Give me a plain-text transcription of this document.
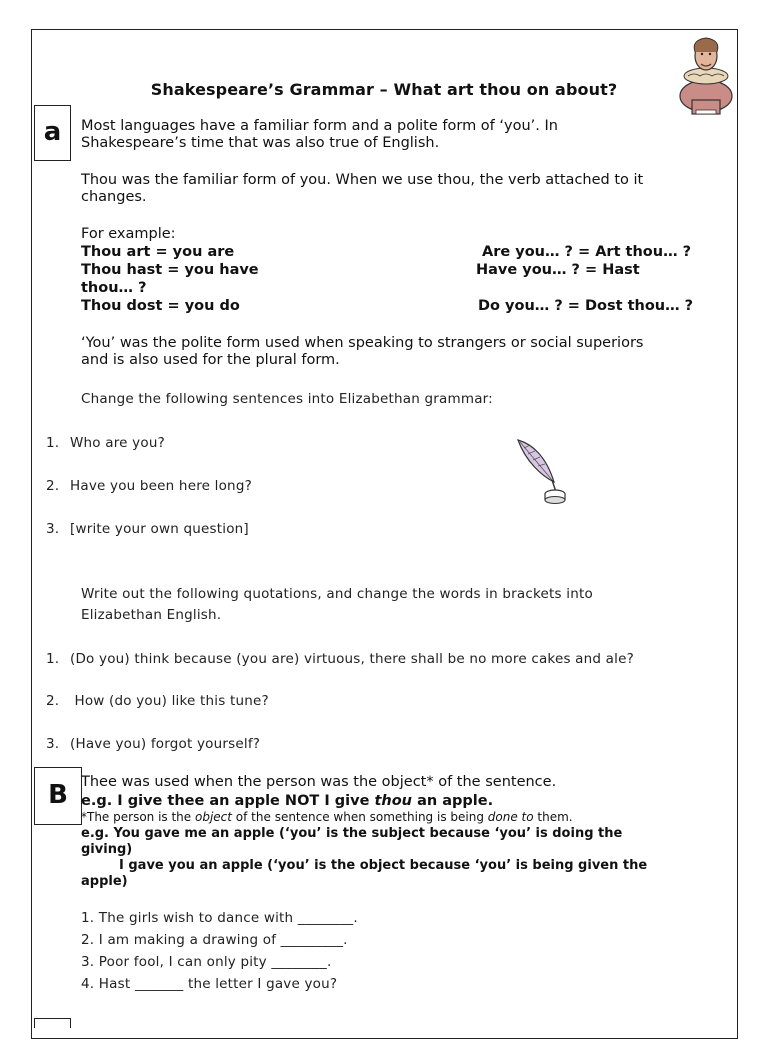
Shakespeare’s Grammar – What art thou on about?
a	Most languages have a familiar form and a polite form of ‘you’. In
Shakespeare’s time that was also true of English.
Thou was the familiar form of you. When we use thou, the verb attached to it
changes.
For example:
Thou art = you are	Are you… ? = Art thou… ?
Thou hast = you have	Have you… ? = Hast
thou… ?
Thou dost = you do	Do you… ? = Dost thou… ?
‘You’ was the polite form used when speaking to strangers or social superiors
and is also used for the plural form.
Change the following sentences into Elizabethan grammar:
1. Who are you?
2. Have you been here long?
3. [write your own question]
Write out the following quotations, and change the words in brackets into
Elizabethan English.
1. (Do you) think because (you are) virtuous, there shall be no more cakes and ale?
2. How (do you) like this tune?
3. (Have you) forgot yourself?
B Thee was used when the person was the object* of the sentence.
e.g. I give thee an apple NOT I give thou an apple.
*The person is the object of the sentence when something is being done to them.
e.g. You gave me an apple (‘you’ is the subject because ‘you’ is doing the
giving)
I gave you an apple (‘you’ is the object because ‘you’ is being given the
apple)
1. The girls wish to dance with ________.
2. I am making a drawing of _________.
3. Poor fool, I can only pity ________.
4. Hast _______ the letter I gave you?
